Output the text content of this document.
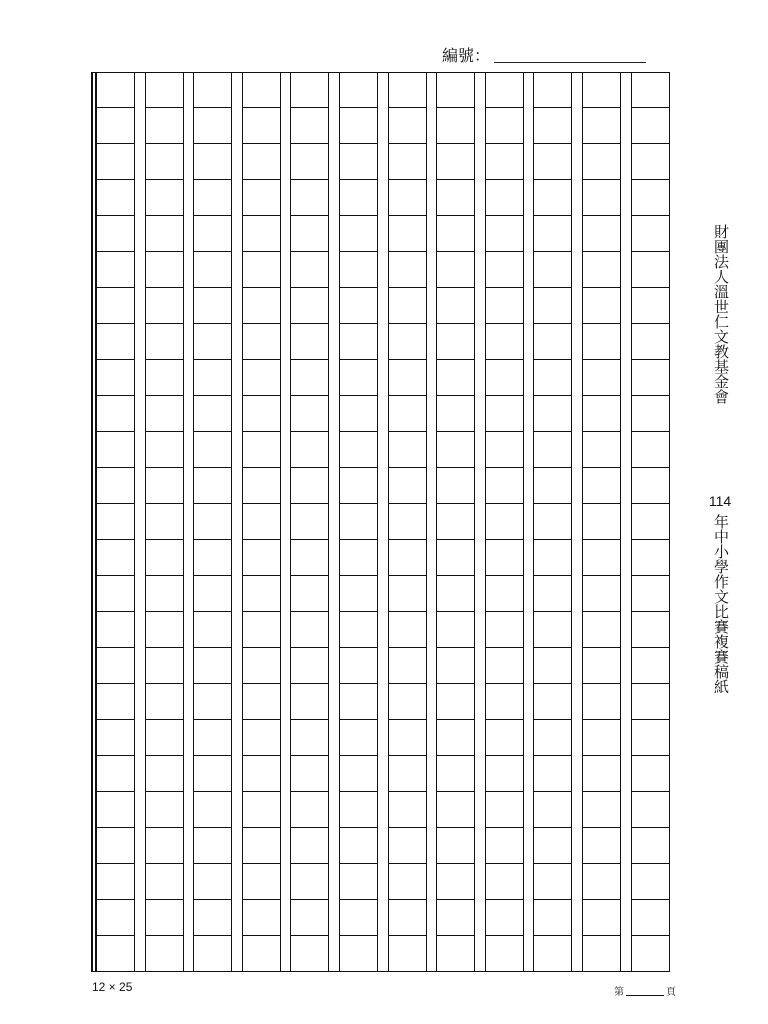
編號：
財團法人溫世仁文教基金會
114
年中小學作文比賽複賽稿紙
12 × 25	第	頁
